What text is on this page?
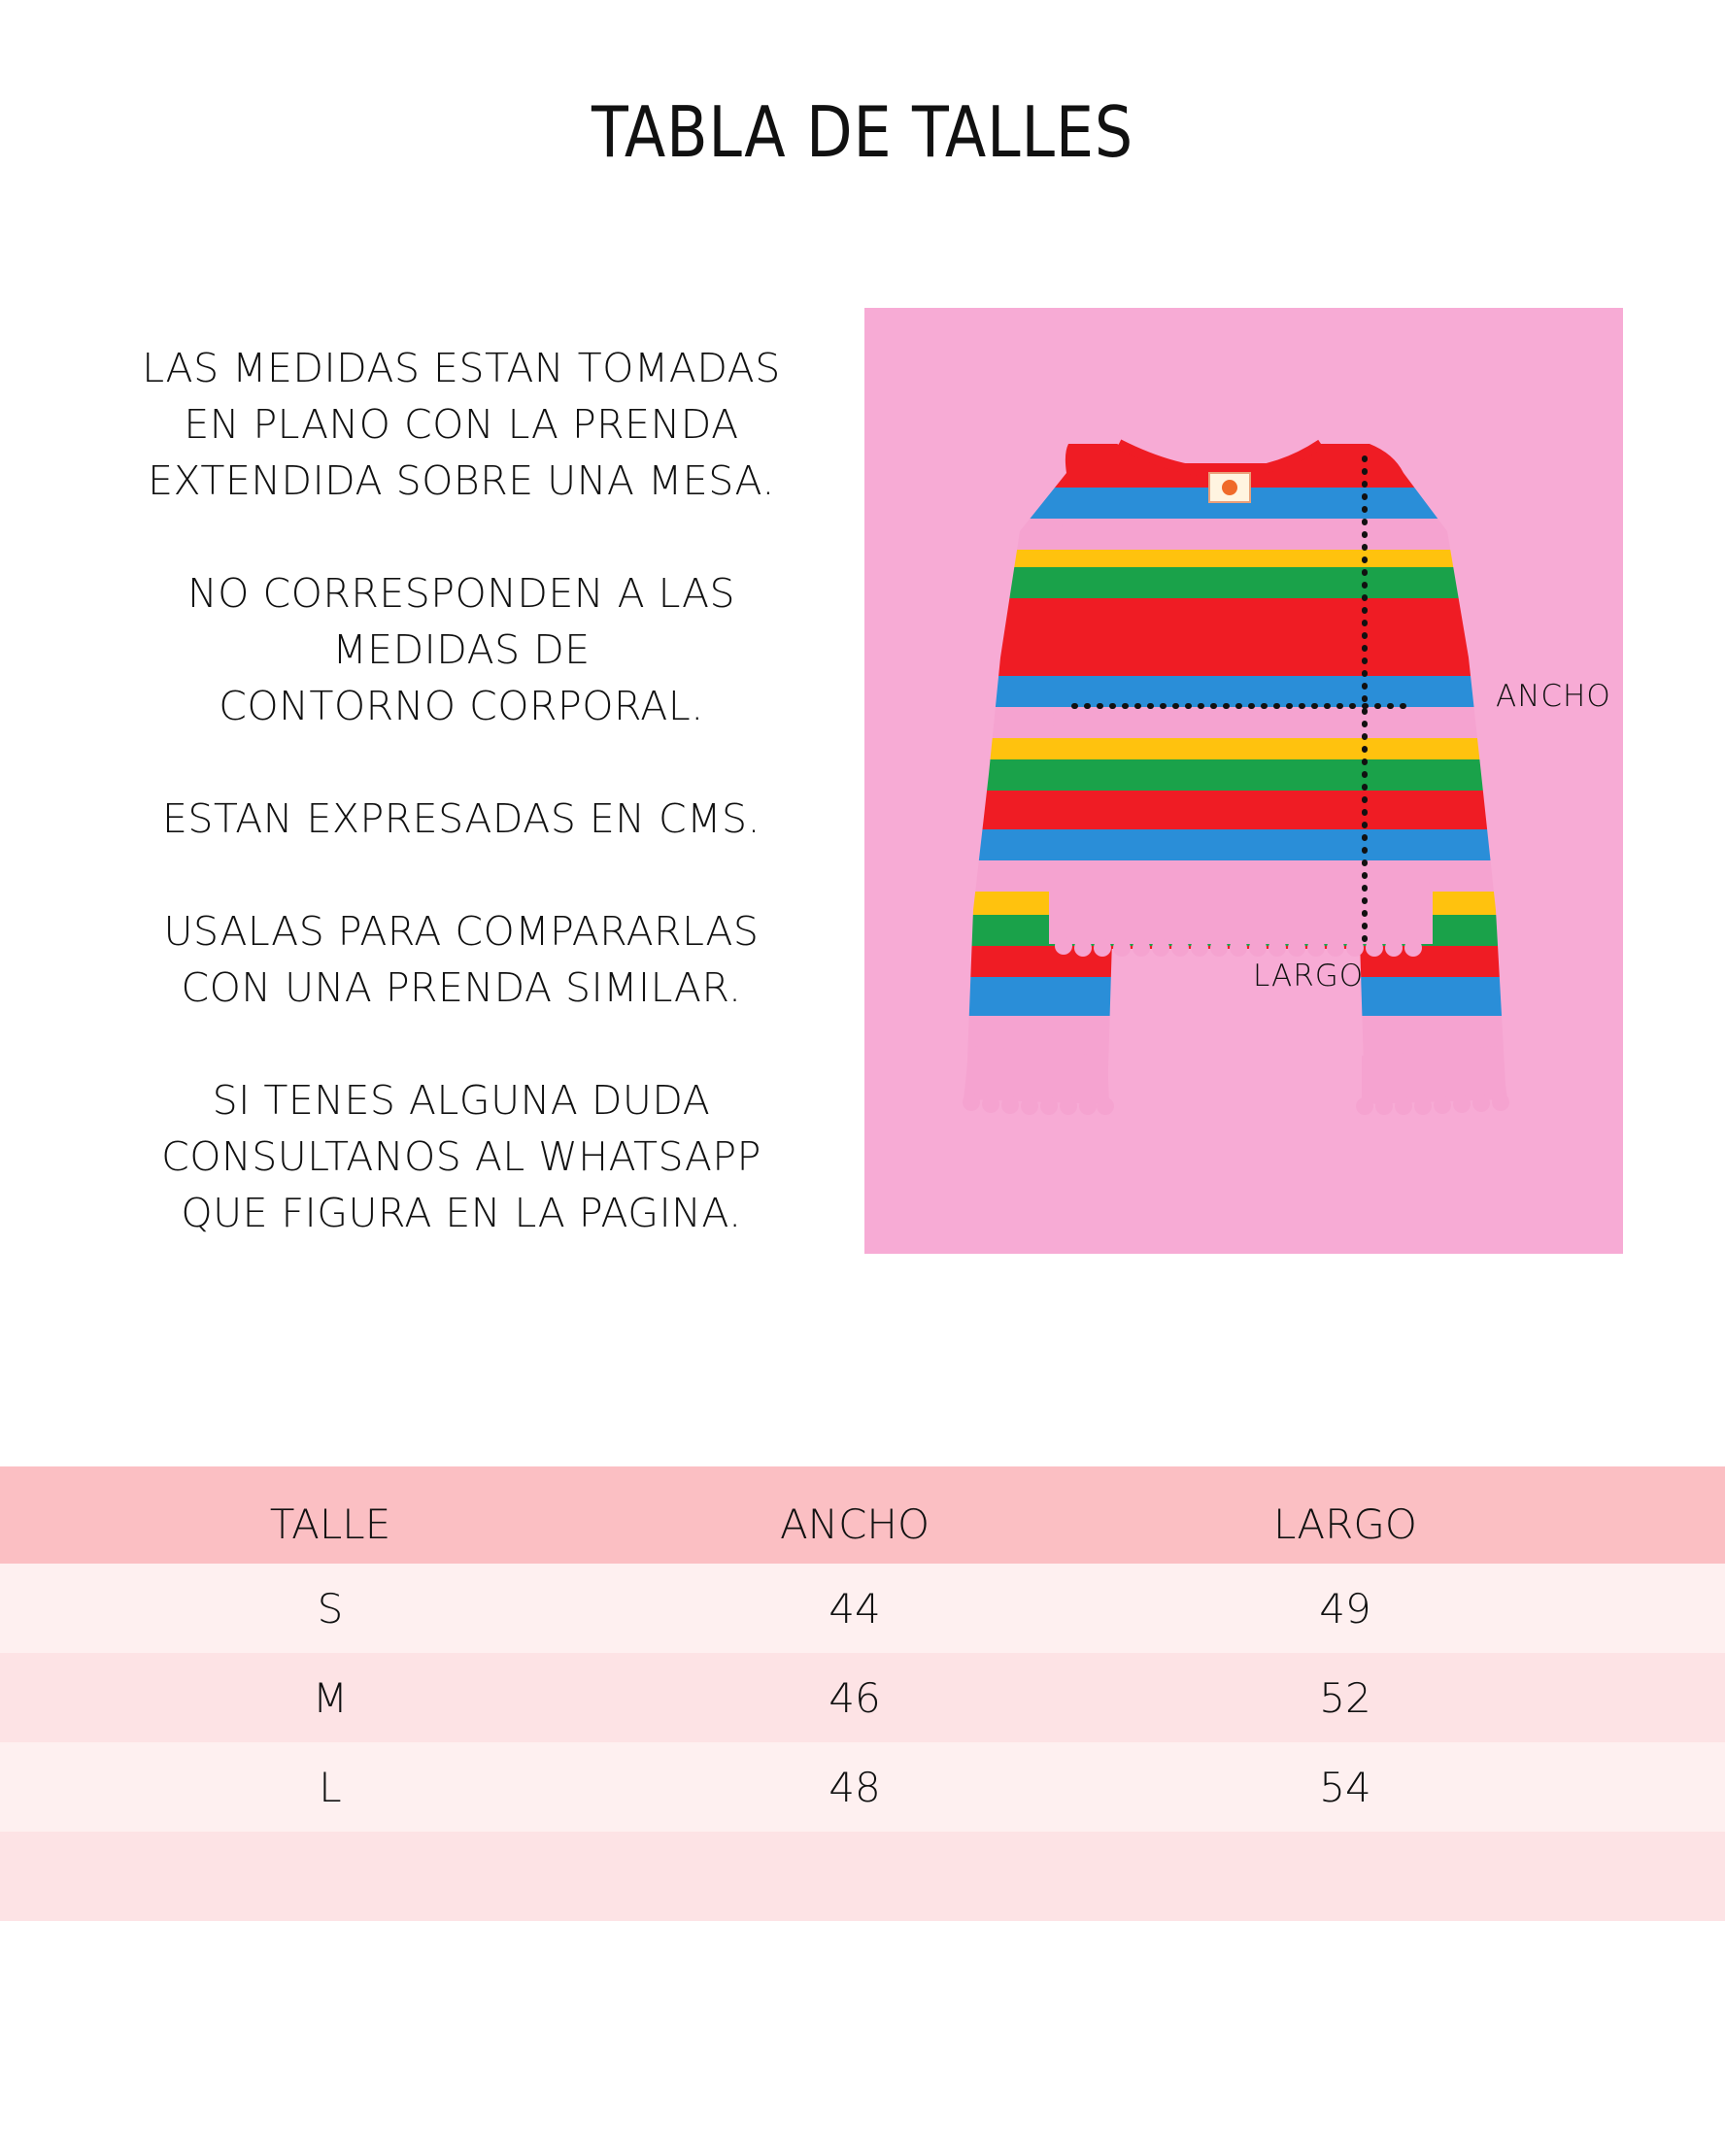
TABLA DE TALLES

LAS MEDIDAS ESTAN TOMADAS
EN PLANO CON LA PRENDA
EXTENDIDA SOBRE UNA MESA.

NO CORRESPONDEN A LAS
MEDIDAS DE
CONTORNO CORPORAL.

ESTAN EXPRESADAS EN CMS.

USALAS PARA COMPARARLAS
CON UNA PRENDA SIMILAR.

SI TENES ALGUNA DUDA
CONSULTANOS AL WHATSAPP
QUE FIGURA EN LA PAGINA.

ANCHO
LARGO
TALLE	ANCHO	LARGO
S	44	49
M	46	52
L	48	54
